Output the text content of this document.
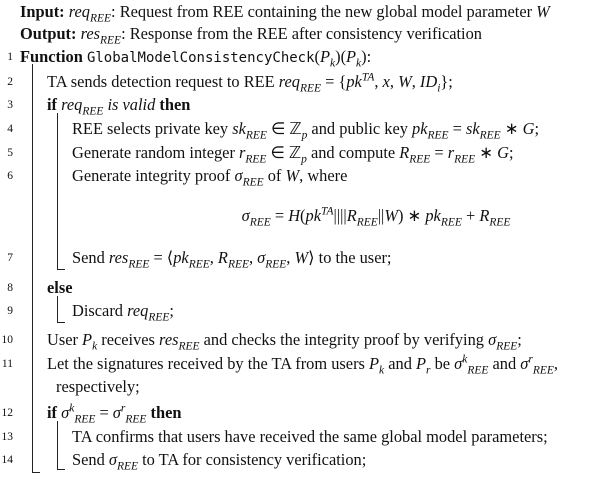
Input: req$_{REE}$: Request from REE containing the new global model parameter W
Output: res$_{REE}$: Response from the REE after consistency verification
1 Function $GlobalModelConsistencyCheck(P_k)(P_k)$:
2 TA sends detection request to REE $req_{REE} = \{pk^{TA}$, x, W, $ID_i$};
3 if req$_{REE}$ is valid then
4	REE selects private key $sk_{REE}$ ∈ ℤ$_p$ and public key $pk_{REE} = sk_{REE}$ ∗ G;
5	Generate random integer $r_{REE}$ ∈ ℤ$_p$ and compute $R_{REE} = r_{REE}$ ∗ G;
6	Generate integrity proof $\sigma_{REE}$ of W, where
$\sigma_{REE} = H(pk^{TA}||||R_{REE}||W)$ ∗ $pk_{REE} + R_{REE}$
7	Send $res_{REE} = ⟨pk_{REE}$, $R_{REE}$, $\sigma_{REE}$, W⟩ to the user;
8 else
9	Discard req$_{REE}$;
10 User $P_k$ receives res$_{REE}$ and checks the integrity proof by verifying $\sigma_{REE}$;
11 Let the signatures received by the TA from users $P_k$ and $P_r$ be $\sigma^k_{REE}$ and $\sigma^r_{REE}$,
respectively;
12 if $\sigma^k_{REE} = \sigma^r_{REE}$ then
13	TA confirms that users have received the same global model parameters;
14	Send $\sigma_{REE}$ to TA for consistency verification;
